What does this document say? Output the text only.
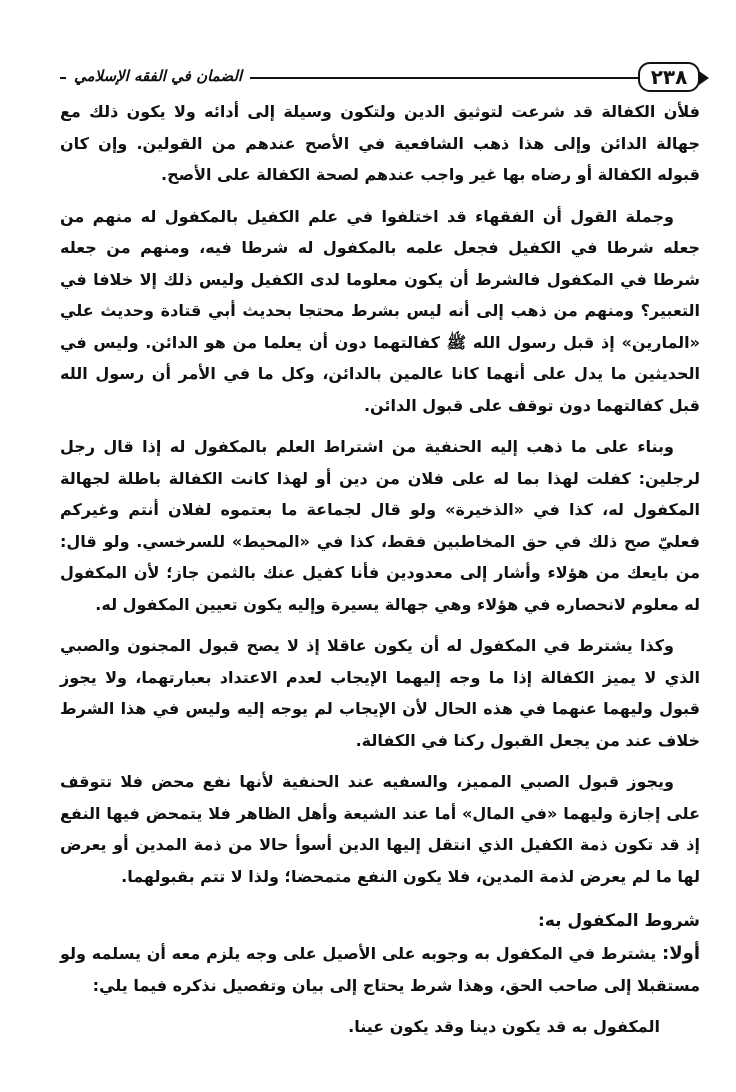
الضمان في الفقه الإسلامي	٢٣٨

فلأن الكفالة قد شرعت لتوثيق الدين ولتكون وسيلة إلى أدائه ولا يكون ذلك مع جهالة الدائن وإلى هذا ذهب الشافعية في الأصح عندهم من القولين. وإن كان قبوله الكفالة أو رضاه بها غير واجب عندهم لصحة الكفالة على الأصح.

وجملة القول أن الفقهاء قد اختلفوا في علم الكفيل بالمكفول له منهم من جعله شرطا في الكفيل فجعل علمه بالمكفول له شرطا فيه، ومنهم من جعله شرطا في المكفول فالشرط أن يكون معلوما لدى الكفيل وليس ذلك إلا خلافا في التعبير؟ ومنهم من ذهب إلى أنه ليس بشرط محتجا بحديث أبي قتادة وحديث علي «المارين» إذ قبل رسول الله ﷺ كفالتهما دون أن يعلما من هو الدائن. وليس في الحديثين ما يدل على أنهما كانا عالمين بالدائن، وكل ما في الأمر أن رسول الله قبل كفالتهما دون توقف على قبول الدائن.

وبناء على ما ذهب إليه الحنفية من اشتراط العلم بالمكفول له إذا قال رجل لرجلين: كفلت لهذا بما له على فلان من دين أو لهذا كانت الكفالة باطلة لجهالة المكفول له، كذا في «الذخيرة» ولو قال لجماعة ما بعتموه لفلان أنتم وغيركم فعليّ صح ذلك في حق المخاطبين فقط، كذا في «المحيط» للسرخسي. ولو قال: من بايعك من هؤلاء وأشار إلى معدودين فأنا كفيل عنك بالثمن جاز؛ لأن المكفول له معلوم لانحصاره في هؤلاء وهي جهالة يسيرة وإليه يكون تعيين المكفول له.

وكذا يشترط في المكفول له أن يكون عاقلا إذ لا يصح قبول المجنون والصبي الذي لا يميز الكفالة إذا ما وجه إليهما الإيجاب لعدم الاعتداد بعبارتهما، ولا يجوز قبول وليهما عنهما في هذه الحال لأن الإيجاب لم يوجه إليه وليس في هذا الشرط خلاف عند من يجعل القبول ركنا في الكفالة.

ويجوز قبول الصبي المميز، والسفيه عند الحنفية لأنها نفع محض فلا تتوقف على إجازة وليهما «في المال» أما عند الشيعة وأهل الظاهر فلا يتمحض فيها النفع إذ قد تكون ذمة الكفيل الذي انتقل إليها الدين أسوأ حالا من ذمة المدين أو يعرض لها ما لم يعرض لذمة المدين، فلا يكون النفع متمحضا؛ ولذا لا تتم بقبولهما.

شروط المكفول به:

أولا: يشترط في المكفول به وجوبه على الأصيل على وجه يلزم معه أن يسلمه ولو مستقبلا إلى صاحب الحق، وهذا شرط يحتاج إلى بيان وتفصيل نذكره فيما يلي:

المكفول به قد يكون دينا وقد يكون عينا.
